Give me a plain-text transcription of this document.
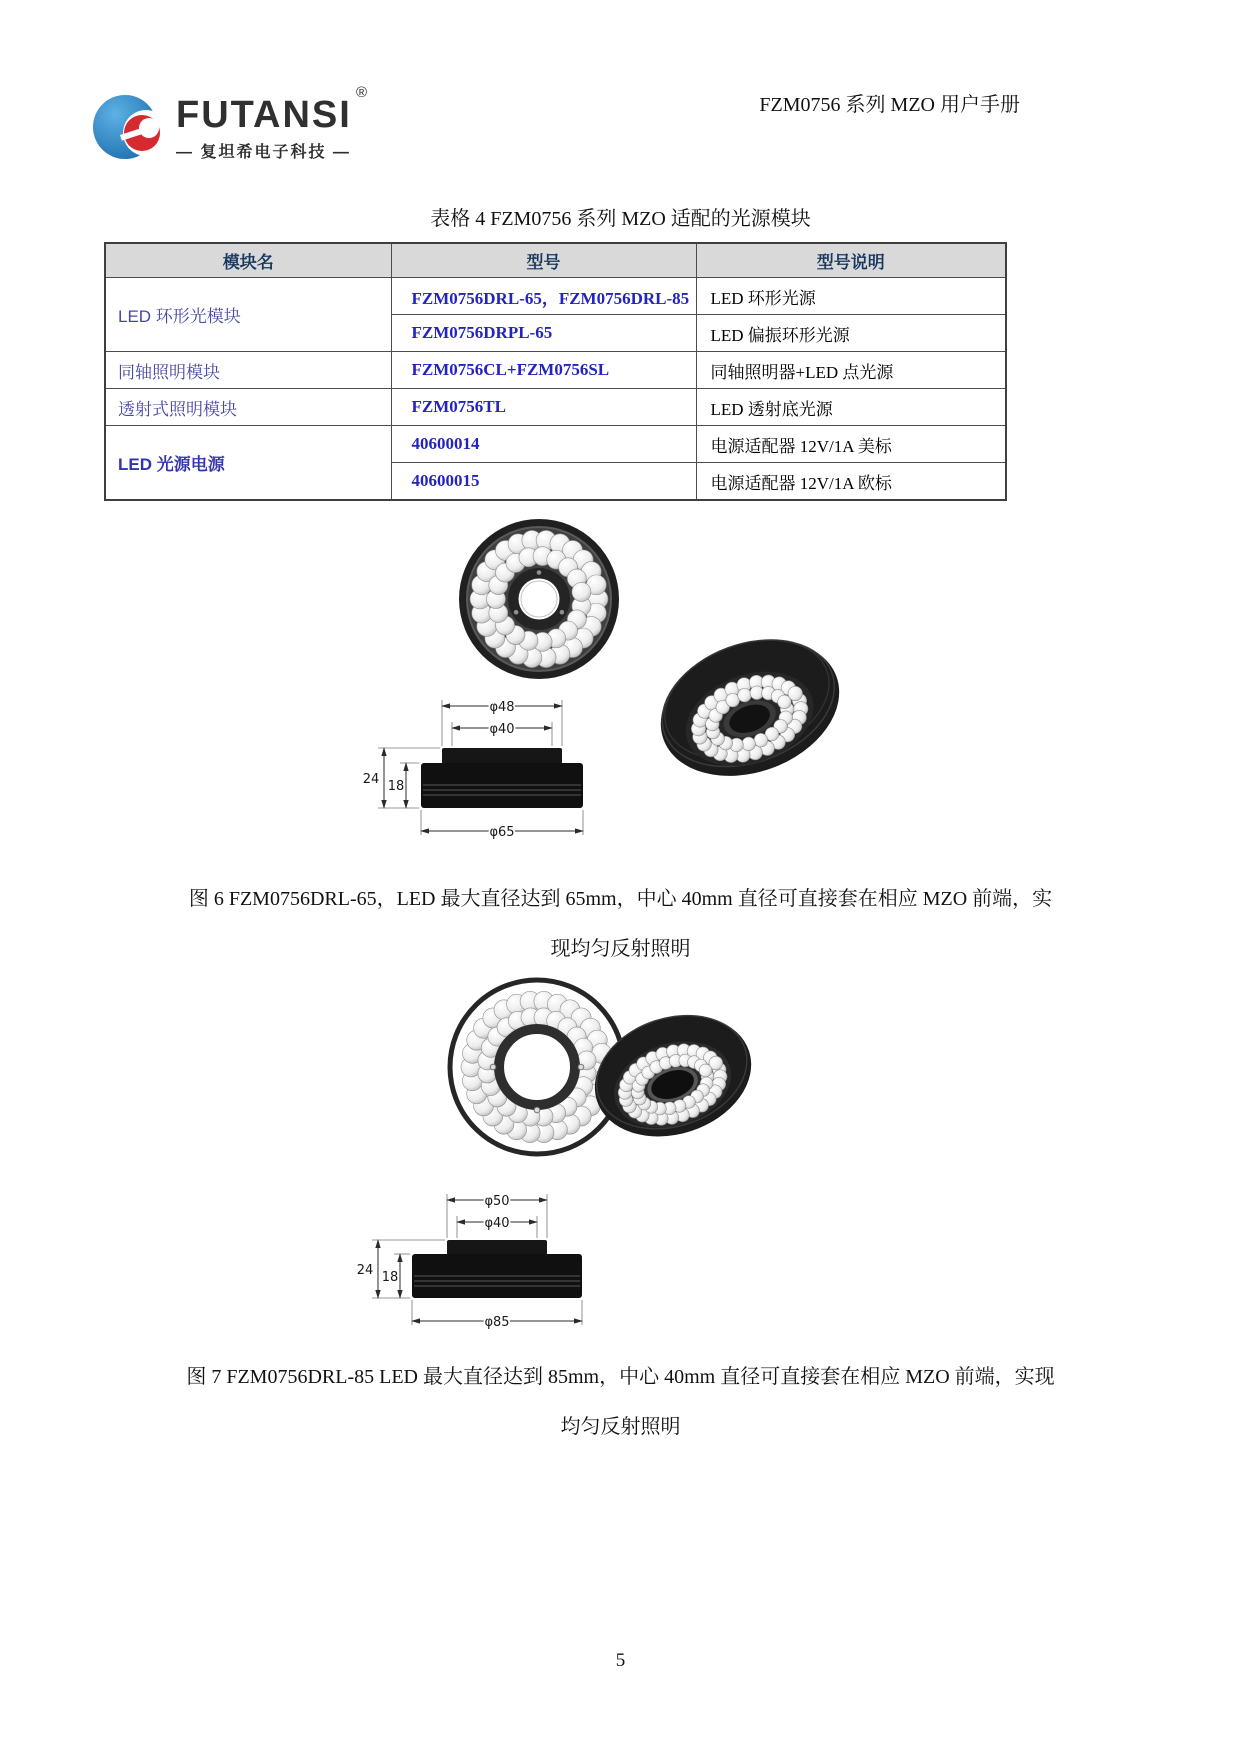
FUTANSI
®
— 复坦希电子科技 —
FZM0756 系列 MZO 用户手册
表格 4 FZM0756 系列 MZO 适配的光源模块
模块名	型号	型号说明
LED 环形光模块	FZM0756DRL-65，FZM0756DRL-85	LED 环形光源
	FZM0756DRPL-65	LED 偏振环形光源
同轴照明模块	FZM0756CL+FZM0756SL	同轴照明器+LED 点光源
透射式照明模块	FZM0756TL	LED 透射底光源
LED 光源电源	40600014	电源适配器 12V/1A 美标
	40600015	电源适配器 12V/1A 欧标
φ48
φ40
24 18
φ65
图 6 FZM0756DRL-65，LED 最大直径达到 65mm，中心 40mm 直径可直接套在相应 MZO 前端，实
现均匀反射照明
φ50
φ40
24 18
φ85
图 7 FZM0756DRL-85 LED 最大直径达到 85mm，中心 40mm 直径可直接套在相应 MZO 前端，实现
均匀反射照明
5
